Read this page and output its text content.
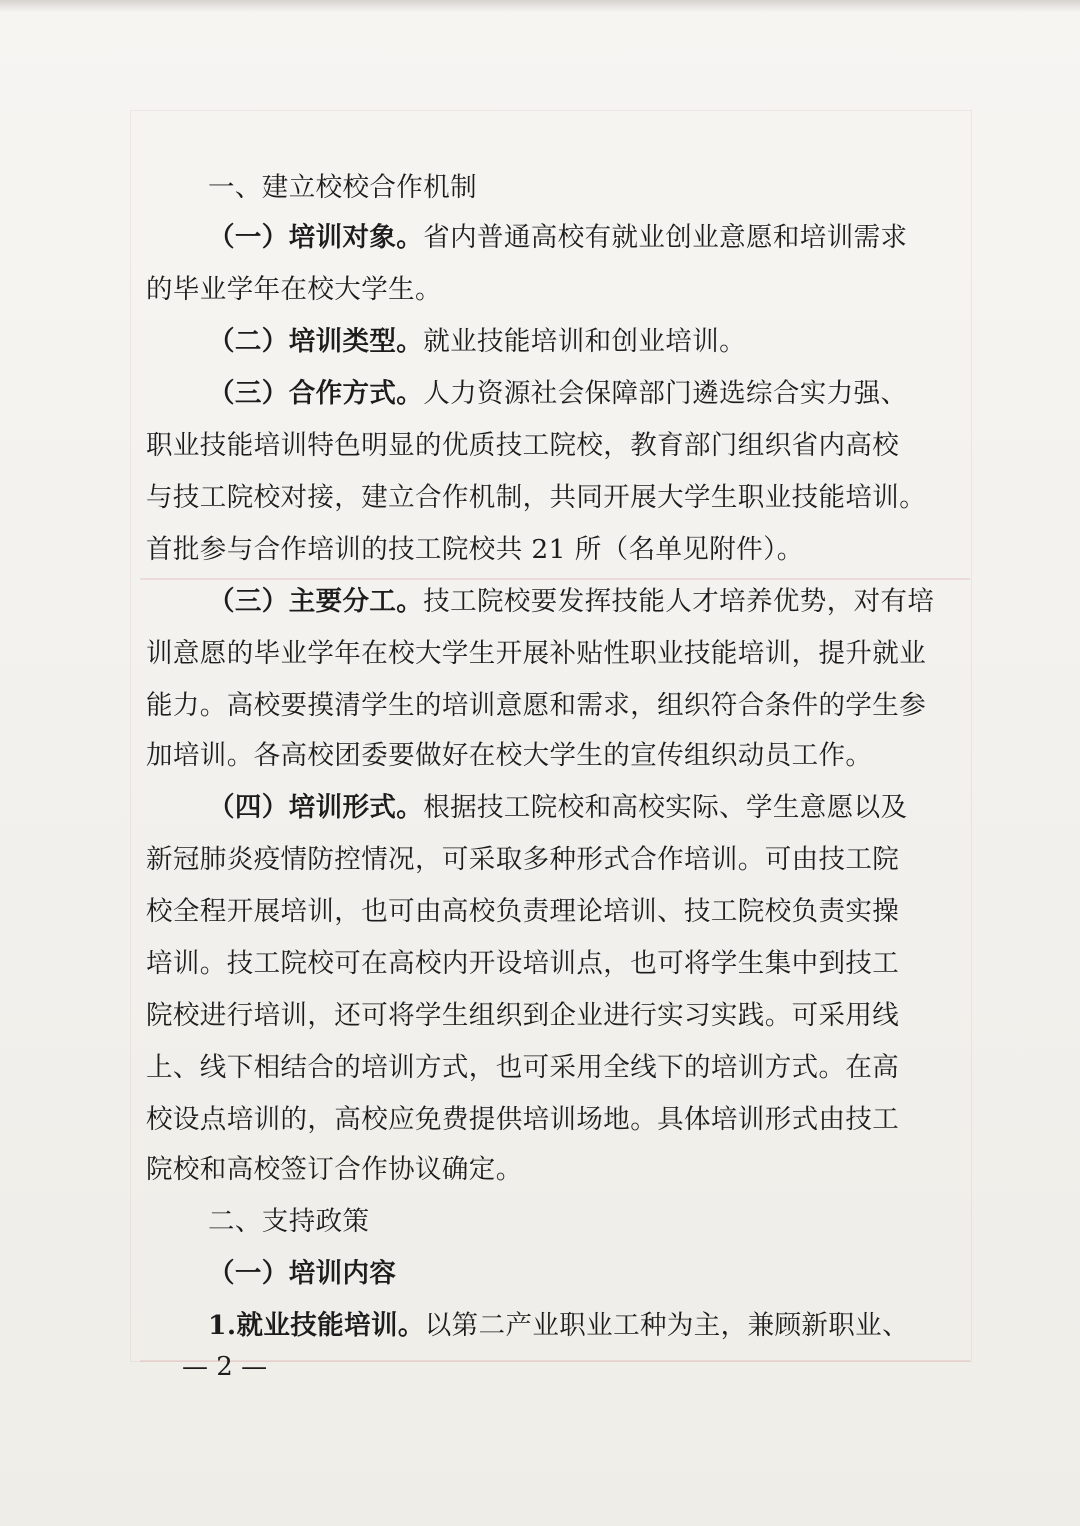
一、建立校校合作机制
（一）培训对象。省内普通高校有就业创业意愿和培训需求
的毕业学年在校大学生。
（二）培训类型。就业技能培训和创业培训。
（三）合作方式。人力资源社会保障部门遴选综合实力强、
职业技能培训特色明显的优质技工院校，教育部门组织省内高校
与技工院校对接，建立合作机制，共同开展大学生职业技能培训。
首批参与合作培训的技工院校共 21 所（名单见附件）。
（三）主要分工。技工院校要发挥技能人才培养优势，对有培
训意愿的毕业学年在校大学生开展补贴性职业技能培训，提升就业
能力。高校要摸清学生的培训意愿和需求，组织符合条件的学生参
加培训。各高校团委要做好在校大学生的宣传组织动员工作。
（四）培训形式。根据技工院校和高校实际、学生意愿以及
新冠肺炎疫情防控情况，可采取多种形式合作培训。可由技工院
校全程开展培训，也可由高校负责理论培训、技工院校负责实操
培训。技工院校可在高校内开设培训点，也可将学生集中到技工
院校进行培训，还可将学生组织到企业进行实习实践。可采用线
上、线下相结合的培训方式，也可采用全线下的培训方式。在高
校设点培训的，高校应免费提供培训场地。具体培训形式由技工
院校和高校签订合作协议确定。
二、支持政策
（一）培训内容
1.就业技能培训。以第二产业职业工种为主，兼顾新职业、
— 2 —
